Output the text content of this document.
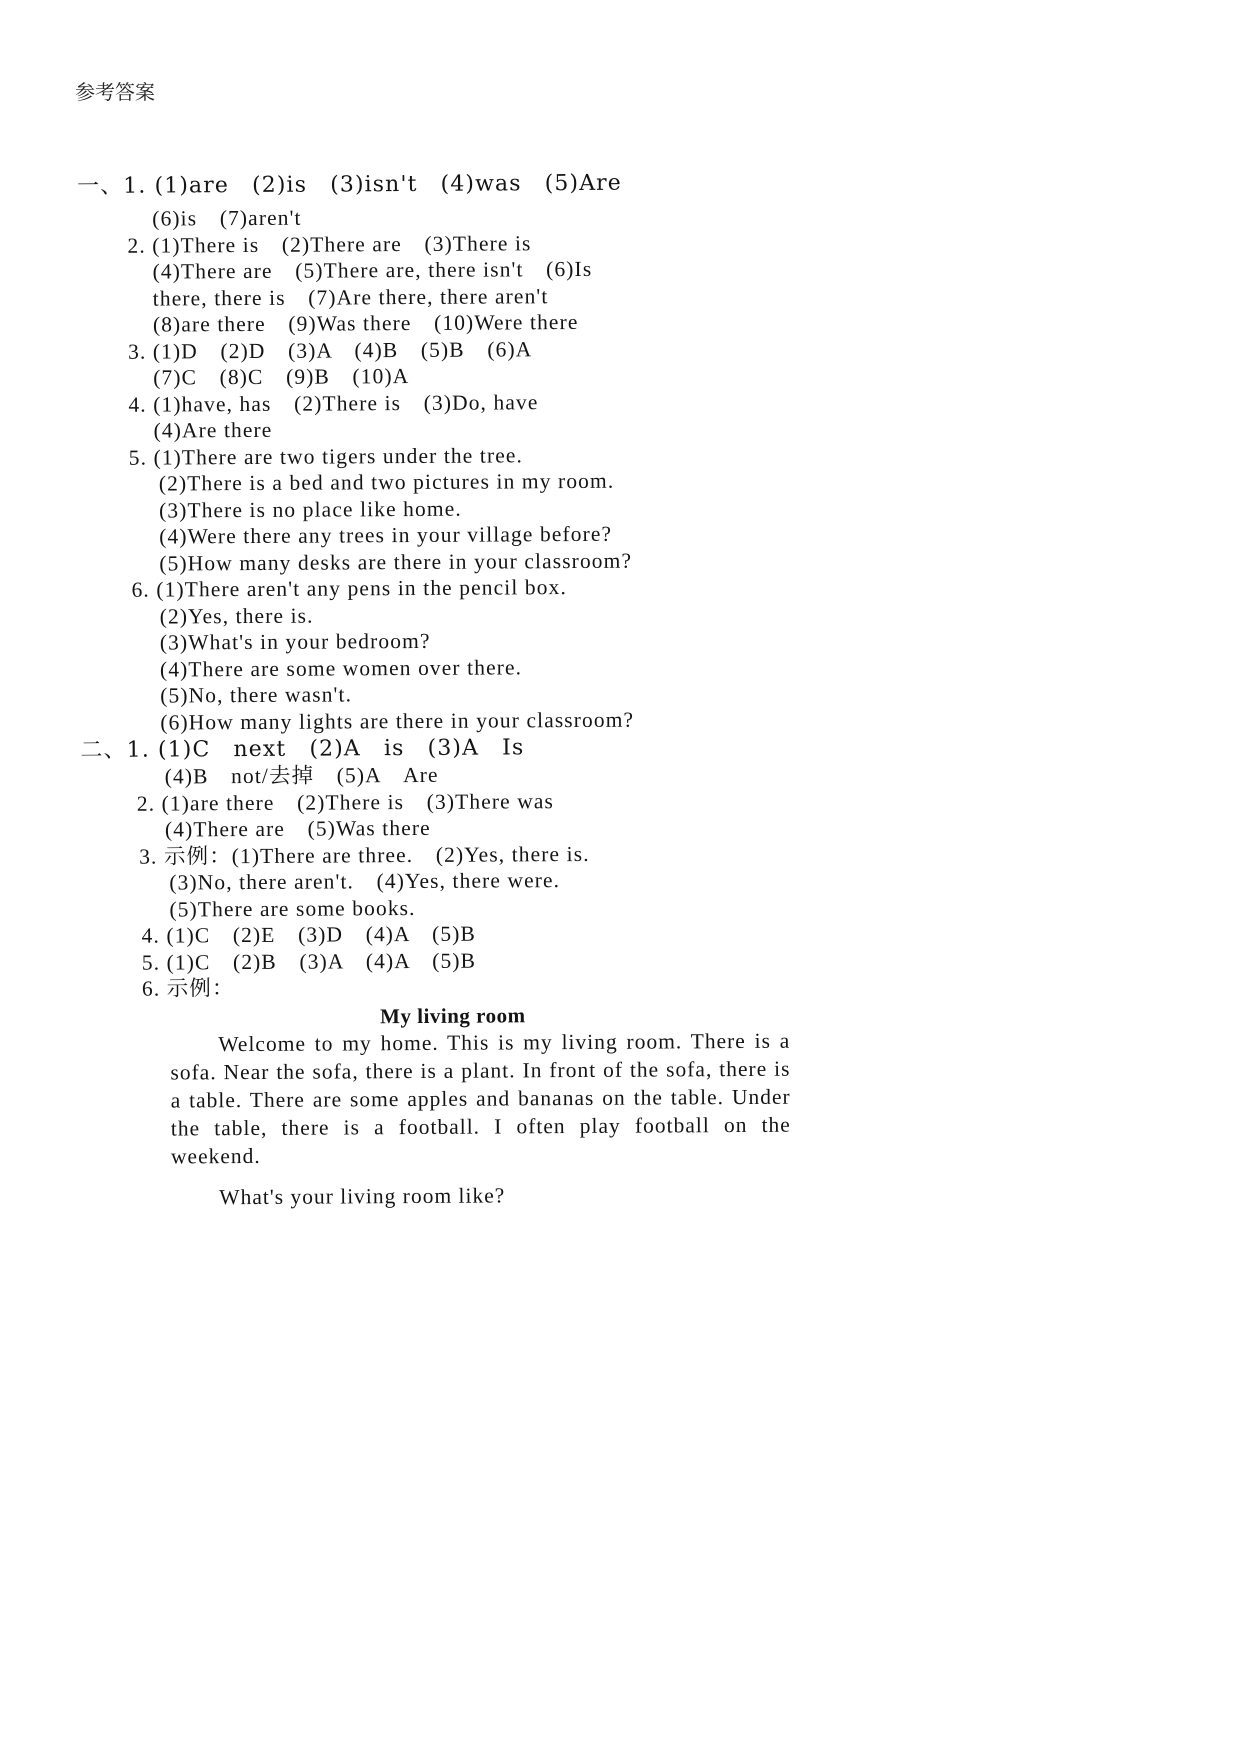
参考答案
一、1. (1)are　(2)is　(3)isn't　(4)was　(5)Are
(6)is　(7)aren't
2. (1)There is　(2)There are　(3)There is
(4)There are　(5)There are, there isn't　(6)Is
there, there is　(7)Are there, there aren't
(8)are there　(9)Was there　(10)Were there
3. (1)D　(2)D　(3)A　(4)B　(5)B　(6)A
(7)C　(8)C　(9)B　(10)A
4. (1)have, has　(2)There is　(3)Do, have
(4)Are there
5. (1)There are two tigers under the tree.
(2)There is a bed and two pictures in my room.
(3)There is no place like home.
(4)Were there any trees in your village before?
(5)How many desks are there in your classroom?
6. (1)There aren't any pens in the pencil box.
(2)Yes, there is.
(3)What's in your bedroom?
(4)There are some women over there.
(5)No, there wasn't.
(6)How many lights are there in your classroom?
二、1. (1)C　next　(2)A　is　(3)A　Is
(4)B　not/去掉　(5)A　Are
2. (1)are there　(2)There is　(3)There was
(4)There are　(5)Was there
3. 示例：(1)There are three.　(2)Yes, there is.
(3)No, there aren't.　(4)Yes, there were.
(5)There are some books.
4. (1)C　(2)E　(3)D　(4)A　(5)B
5. (1)C　(2)B　(3)A　(4)A　(5)B
6. 示例：
My living room
Welcome to my home. This is my living room. There is a sofa. Near the sofa, there is a plant. In front of the sofa, there is a table. There are some apples and bananas on the table. Under the table, there is a football. I often play football on the weekend.
What's your living room like?
